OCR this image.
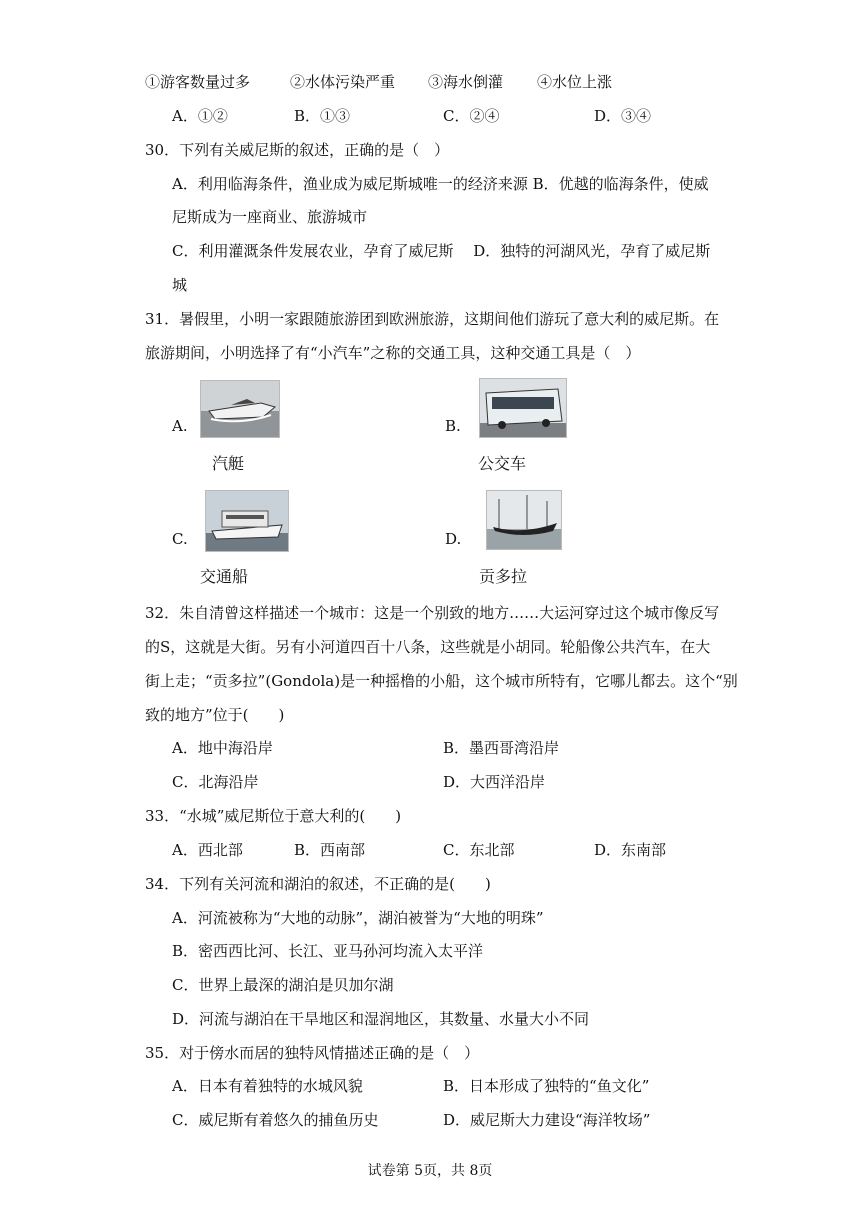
①游客数量过多	②水体污染严重 ③海水倒灌 ④水位上涨
A．①②	B．①③	C．②④	D．③④
30．下列有关威尼斯的叙述，正确的是（　）
A．利用临海条件，渔业成为威尼斯城唯一的经济来源 B．优越的临海条件，使威
尼斯成为一座商业、旅游城市
C．利用灌溉条件发展农业，孕育了威尼斯　 D．独特的河湖风光，孕育了威尼斯
城
31．暑假里，小明一家跟随旅游团到欧洲旅游，这期间他们游玩了意大利的威尼斯。在
旅游期间，小明选择了有“小汽车”之称的交通工具，这种交通工具是（　）
A.
汽艇
B.
公交车
C.
交通船
D.
贡多拉
32．朱自清曾这样描述一个城市：这是一个别致的地方……大运河穿过这个城市像反写
的S，这就是大街。另有小河道四百十八条，这些就是小胡同。轮船像公共汽车，在大
街上走；“贡多拉”(Gondola)是一种摇橹的小船，这个城市所特有，它哪儿都去。这个“别
致的地方”位于(　　)
A．地中海沿岸	B．墨西哥湾沿岸
C．北海沿岸	D．大西洋沿岸
33．“水城”威尼斯位于意大利的(　　)
A．西北部	B．西南部	C．东北部	D．东南部
34．下列有关河流和湖泊的叙述，不正确的是(　　)
A．河流被称为“大地的动脉”，湖泊被誉为“大地的明珠”
B．密西西比河、长江、亚马孙河均流入太平洋
C．世界上最深的湖泊是贝加尔湖
D．河流与湖泊在干旱地区和湿润地区，其数量、水量大小不同
35．对于傍水而居的独特风情描述正确的是（　）
A．日本有着独特的水城风貌	B．日本形成了独特的“鱼文化”
C．威尼斯有着悠久的捕鱼历史	D．威尼斯大力建设“海洋牧场”
试卷第 5页，共 8页
